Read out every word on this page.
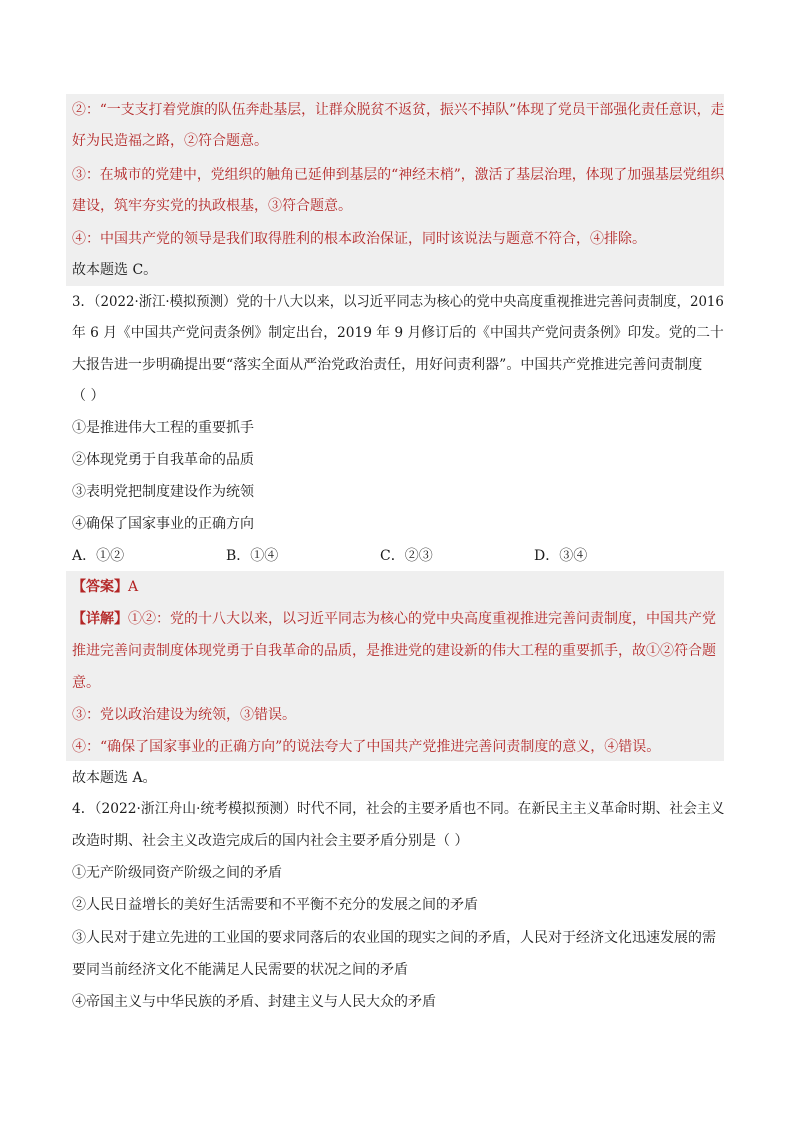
②：“一支支打着党旗的队伍奔赴基层，让群众脱贫不返贫，振兴不掉队”体现了党员干部强化责任意识，走
好为民造福之路，②符合题意。
③：在城市的党建中，党组织的触角已延伸到基层的“神经末梢”，激活了基层治理，体现了加强基层党组织
建设，筑牢夯实党的执政根基，③符合题意。
④：中国共产党的领导是我们取得胜利的根本政治保证，同时该说法与题意不符合，④排除。
故本题选 C。
3．（2022·浙江·模拟预测）党的十八大以来，以习近平同志为核心的党中央高度重视推进完善问责制度，2016
年 6 月《中国共产党问责条例》制定出台，2019 年 9 月修订后的《中国共产党问责条例》印发。党的二十
大报告进一步明确提出要“落实全面从严治党政治责任，用好问责利器”。中国共产党推进完善问责制度
（ ）
①是推进伟大工程的重要抓手
②体现党勇于自我革命的品质
③表明党把制度建设作为统领
④确保了国家事业的正确方向
A．①②	B．①④	C．②③	D．③④
【答案】A
【详解】①②：党的十八大以来，以习近平同志为核心的党中央高度重视推进完善问责制度，中国共产党
推进完善问责制度体现党勇于自我革命的品质，是推进党的建设新的伟大工程的重要抓手，故①②符合题
意。
③：党以政治建设为统领，③错误。
④：“确保了国家事业的正确方向”的说法夸大了中国共产党推进完善问责制度的意义，④错误。
故本题选 A。
4．（2022·浙江舟山·统考模拟预测）时代不同，社会的主要矛盾也不同。在新民主主义革命时期、社会主义
改造时期、社会主义改造完成后的国内社会主要矛盾分别是（ ）
①无产阶级同资产阶级之间的矛盾
②人民日益增长的美好生活需要和不平衡不充分的发展之间的矛盾
③人民对于建立先进的工业国的要求同落后的农业国的现实之间的矛盾，人民对于经济文化迅速发展的需
要同当前经济文化不能满足人民需要的状况之间的矛盾
④帝国主义与中华民族的矛盾、封建主义与人民大众的矛盾
